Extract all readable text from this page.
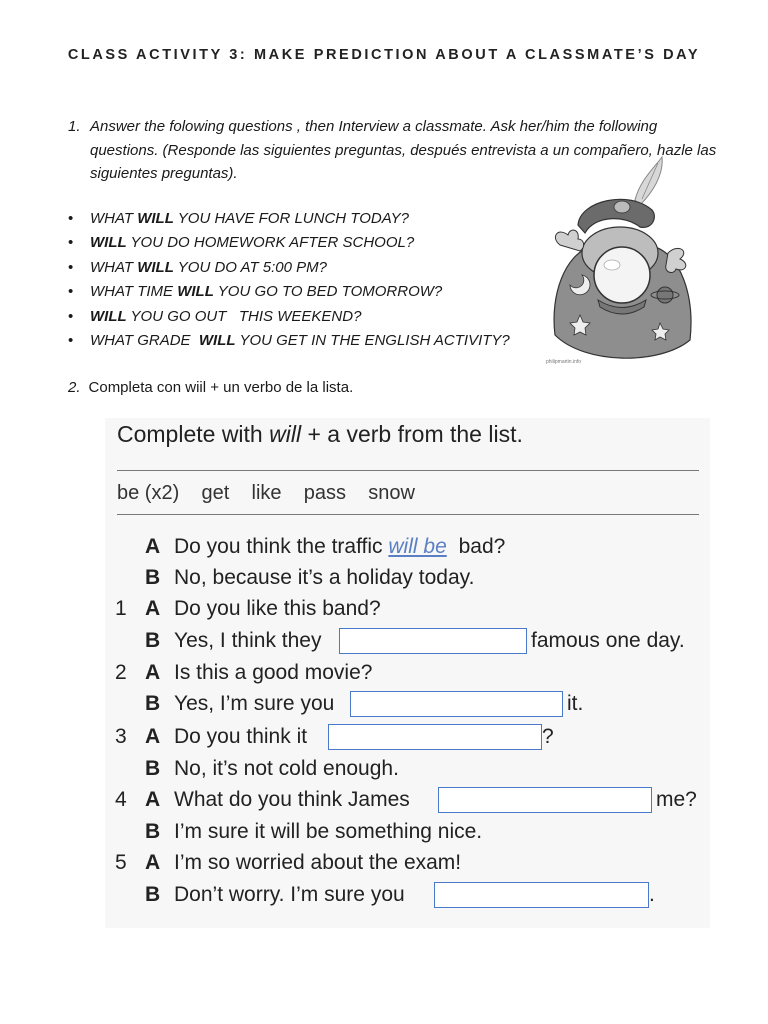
CLASS ACTIVITY 3: MAKE PREDICTION ABOUT A CLASSMATE’S DAY
1. Answer the folowing questions , then Interview a classmate. Ask her/him the following questions. (Responde las siguientes preguntas, después entrevista a un compañero, hazle las siguientes preguntas).
• WHAT WILL YOU HAVE FOR LUNCH TODAY?
• WILL YOU DO HOMEWORK AFTER SCHOOL?
• WHAT WILL YOU DO AT 5:00 PM?
• WHAT TIME WILL YOU GO TO BED TOMORROW?
• WILL YOU GO OUT   THIS WEEKEND?
• WHAT GRADE  WILL YOU GET IN THE ENGLISH ACTIVITY?
philipmartin.info
2. Completa con wiil + un verbo de la lista.
Complete with will + a verb from the list.
be (x2)    get    like    pass    snow
A Do you think the traffic will be bad?
B No, because it’s a holiday today.
1 A Do you like this band?
B Yes, I think they	famous one day.
2 A Is this a good movie?
B Yes, I’m sure you	it.
3 A Do you think it	?
B No, it’s not cold enough.
4 A What do you think James	me?
B I’m sure it will be something nice.
5 A I’m so worried about the exam!
B Don’t worry. I’m sure you	.
